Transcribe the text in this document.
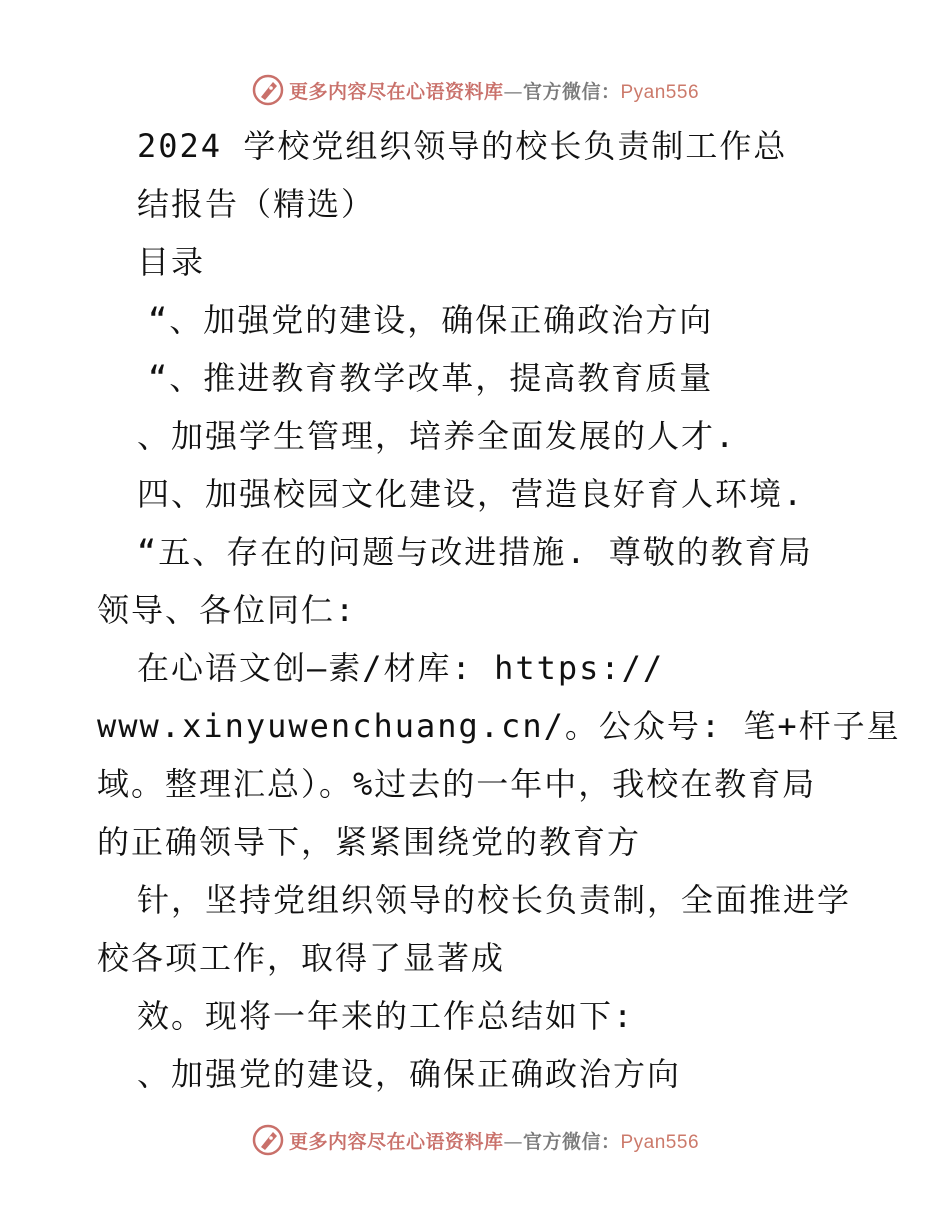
更多内容尽在心语资料库—官方微信：Pyan556
2024 学校党组织领导的校长负责制工作总
结报告（精选）
目录
“、加强党的建设，确保正确政治方向
“、推进教育教学改革，提高教育质量
、加强学生管理，培养全面发展的人才.
四、加强校园文化建设，营造良好育人环境.
“五、存在的问题与改进措施. 尊敬的教育局
领导、各位同仁:
在心语文创—素/材库: https://
www.xinyuwenchuang.cn/。公众号: 笔+杆子星
域。整理汇总）。%过去的一年中，我校在教育局
的正确领导下，紧紧围绕党的教育方
针，坚持党组织领导的校长负责制，全面推进学
校各项工作，取得了显著成
效。现将一年来的工作总结如下:
、加强党的建设，确保正确政治方向
更多内容尽在心语资料库—官方微信：Pyan556
